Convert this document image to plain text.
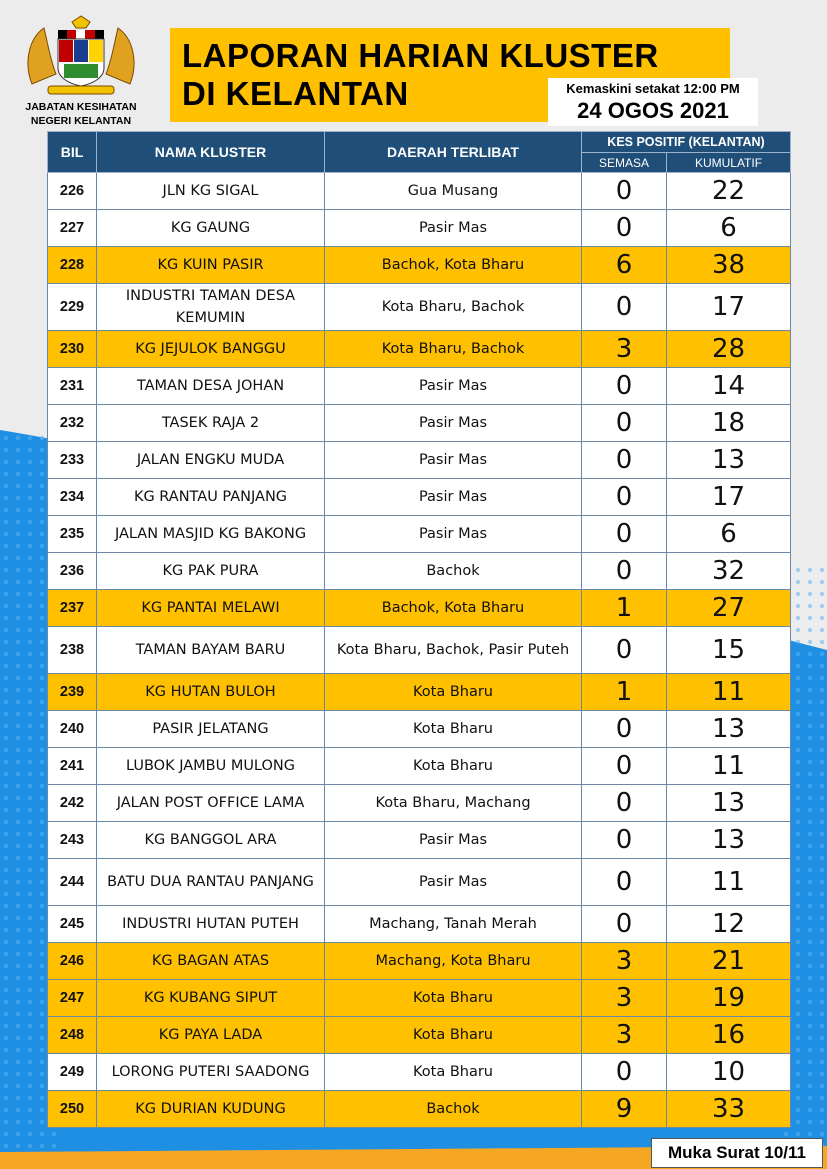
JABATAN KESIHATAN
NEGERI KELANTAN
LAPORAN HARIAN KLUSTER
DI KELANTAN	Kemaskini setakat 12:00 PM
24 OGOS 2021
BIL	NAMA KLUSTER	DAERAH TERLIBAT	KES POSITIF (KELANTAN)	
			SEMASA	KUMULATIF
226	JLN KG SIGAL	Gua Musang	0	22
227	KG GAUNG	Pasir Mas	0	6
228	KG KUIN PASIR	Bachok, Kota Bharu	6	38
229	INDUSTRI TAMAN DESA KEMUMIN	Kota Bharu, Bachok	0	17
230	KG JEJULOK BANGGU	Kota Bharu, Bachok	3	28
231	TAMAN DESA JOHAN	Pasir Mas	0	14
232	TASEK RAJA 2	Pasir Mas	0	18
233	JALAN ENGKU MUDA	Pasir Mas	0	13
234	KG RANTAU PANJANG	Pasir Mas	0	17
235	JALAN MASJID KG BAKONG	Pasir Mas	0	6
236	KG PAK PURA	Bachok	0	32
237	KG PANTAI MELAWI	Bachok, Kota Bharu	1	27
238	TAMAN BAYAM BARU	Kota Bharu, Bachok, Pasir Puteh	0	15
239	KG HUTAN BULOH	Kota Bharu	1	11
240	PASIR JELATANG	Kota Bharu	0	13
241	LUBOK JAMBU MULONG	Kota Bharu	0	11
242	JALAN POST OFFICE LAMA	Kota Bharu, Machang	0	13
243	KG BANGGOL ARA	Pasir Mas	0	13
244	BATU DUA RANTAU PANJANG	Pasir Mas	0	11
245	INDUSTRI HUTAN PUTEH	Machang, Tanah Merah	0	12
246	KG BAGAN ATAS	Machang, Kota Bharu	3	21
247	KG KUBANG SIPUT	Kota Bharu	3	19
248	KG PAYA LADA	Kota Bharu	3	16
249	LORONG PUTERI SAADONG	Kota Bharu	0	10
250	KG DURIAN KUDUNG	Bachok	9	33
Muka Surat 10/11
